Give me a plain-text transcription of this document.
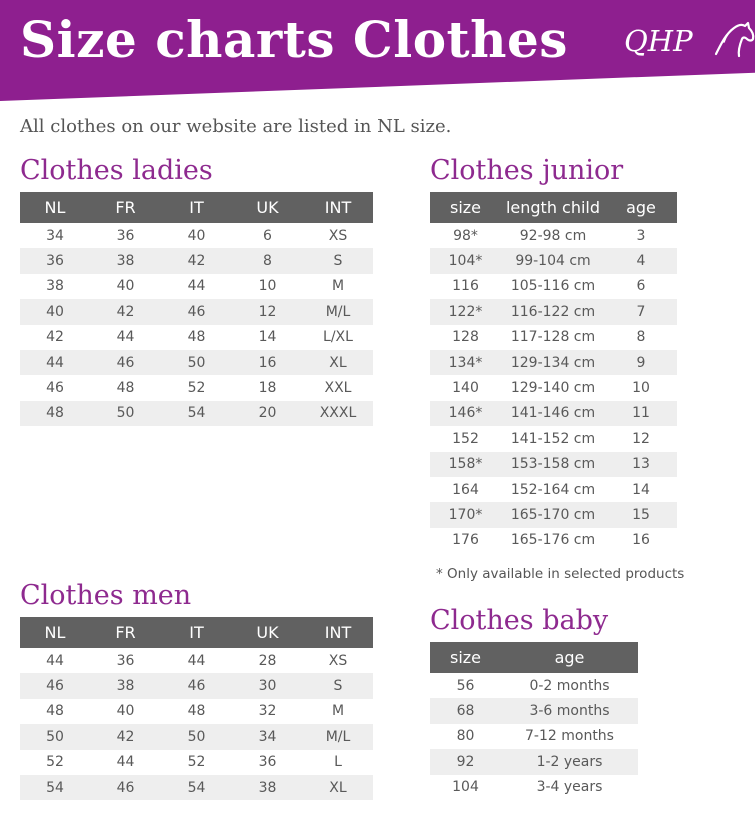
Size charts Clothes QHP
All clothes on our website are listed in NL size.
Clothes ladies
NL	FR	IT	UK	INT
34	36	40	6	XS
36	38	42	8	S
38	40	44	10	M
40	42	46	12	M/L
42	44	48	14	L/XL
44	46	50	16	XL
46	48	52	18	XXL
48	50	54	20	XXXL
Clothes junior
size	length child	age
98*	92-98 cm	3
104*	99-104 cm	4
116	105-116 cm	6
122*	116-122 cm	7
128	117-128 cm	8
134*	129-134 cm	9
140	129-140 cm	10
146*	141-146 cm	11
152	141-152 cm	12
158*	153-158 cm	13
164	152-164 cm	14
170*	165-170 cm	15
176	165-176 cm	16
* Only available in selected products
Clothes men
NL	FR	IT	UK	INT
44	36	44	28	XS
46	38	46	30	S
48	40	48	32	M
50	42	50	34	M/L
52	44	52	36	L
54	46	54	38	XL
Clothes baby
size	age
56	0-2 months
68	3-6 months
80	7-12 months
92	1-2 years
104	3-4 years
